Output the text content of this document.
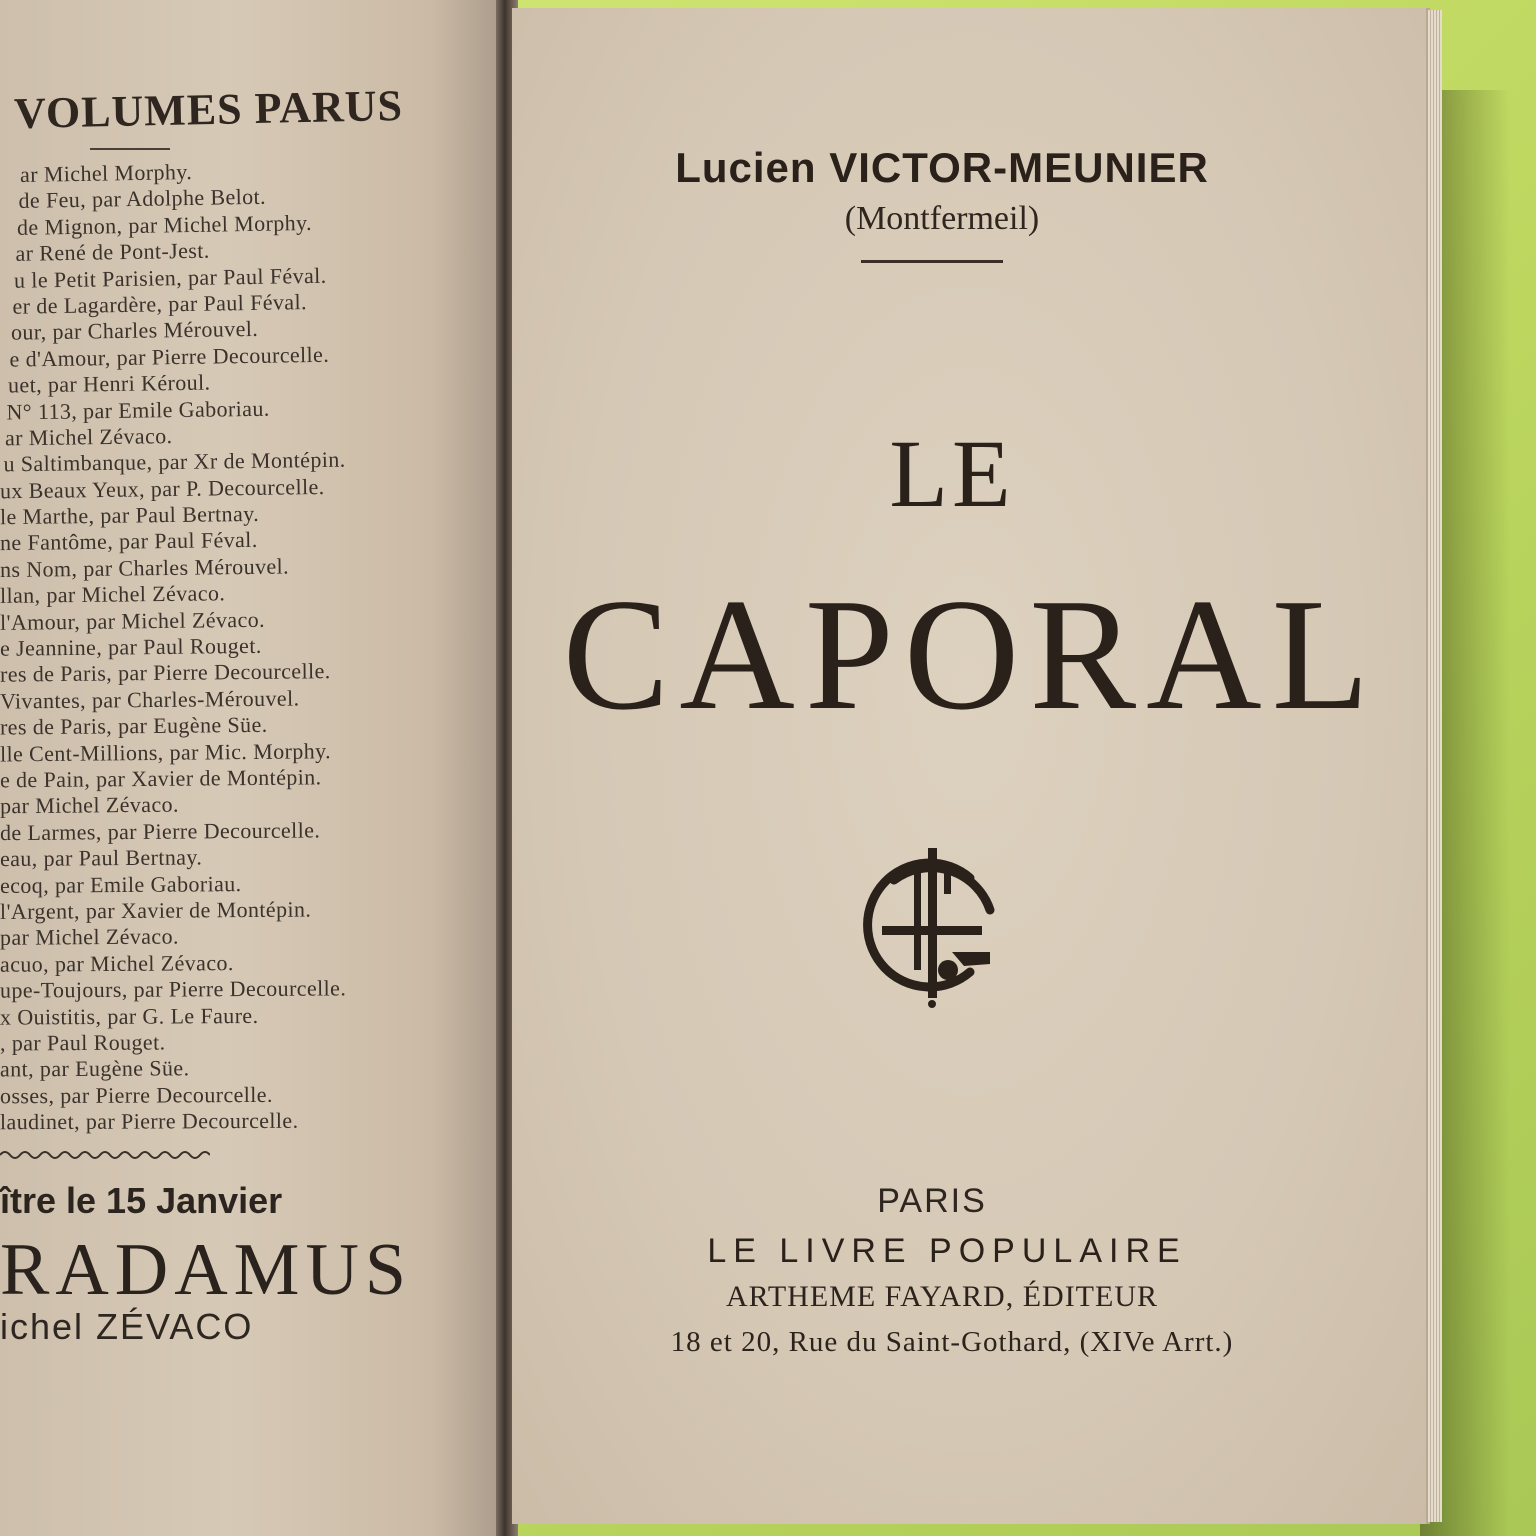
VOLUMES PARUS
ar Michel Morphy.
de Feu, par Adolphe Belot.
de Mignon, par Michel Morphy.
ar René de Pont-Jest.
u le Petit Parisien, par Paul Féval.
er de Lagardère, par Paul Féval.
our, par Charles Mérouvel.
e d'Amour, par Pierre Decourcelle.
uet, par Henri Kéroul.
N° 113, par Emile Gaboriau.
ar Michel Zévaco.
u Saltimbanque, par Xr de Montépin.
ux Beaux Yeux, par P. Decourcelle.
le Marthe, par Paul Bertnay.
ne Fantôme, par Paul Féval.
ns Nom, par Charles Mérouvel.
llan, par Michel Zévaco.
l'Amour, par Michel Zévaco.
e Jeannine, par Paul Rouget.
res de Paris, par Pierre Decourcelle.
Vivantes, par Charles-Mérouvel.
res de Paris, par Eugène Süe.
lle Cent-Millions, par Mic. Morphy.
e de Pain, par Xavier de Montépin.
par Michel Zévaco.
de Larmes, par Pierre Decourcelle.
eau, par Paul Bertnay.
ecoq, par Emile Gaboriau.
l'Argent, par Xavier de Montépin.
par Michel Zévaco.
acuo, par Michel Zévaco.
upe-Toujours, par Pierre Decourcelle.
x Ouistitis, par G. Le Faure.
, par Paul Rouget.
ant, par Eugène Süe.
osses, par Pierre Decourcelle.
laudinet, par Pierre Decourcelle.
ître le 15 Janvier
RADAMUS
ichel ZÉVACO
Lucien VICTOR-MEUNIER
(Montfermeil)
LE
CAPORAL
PARIS
LE LIVRE POPULAIRE
ARTHEME FAYARD, ÉDITEUR
18 et 20, Rue du Saint-Gothard, (XIVe Arrt.)
